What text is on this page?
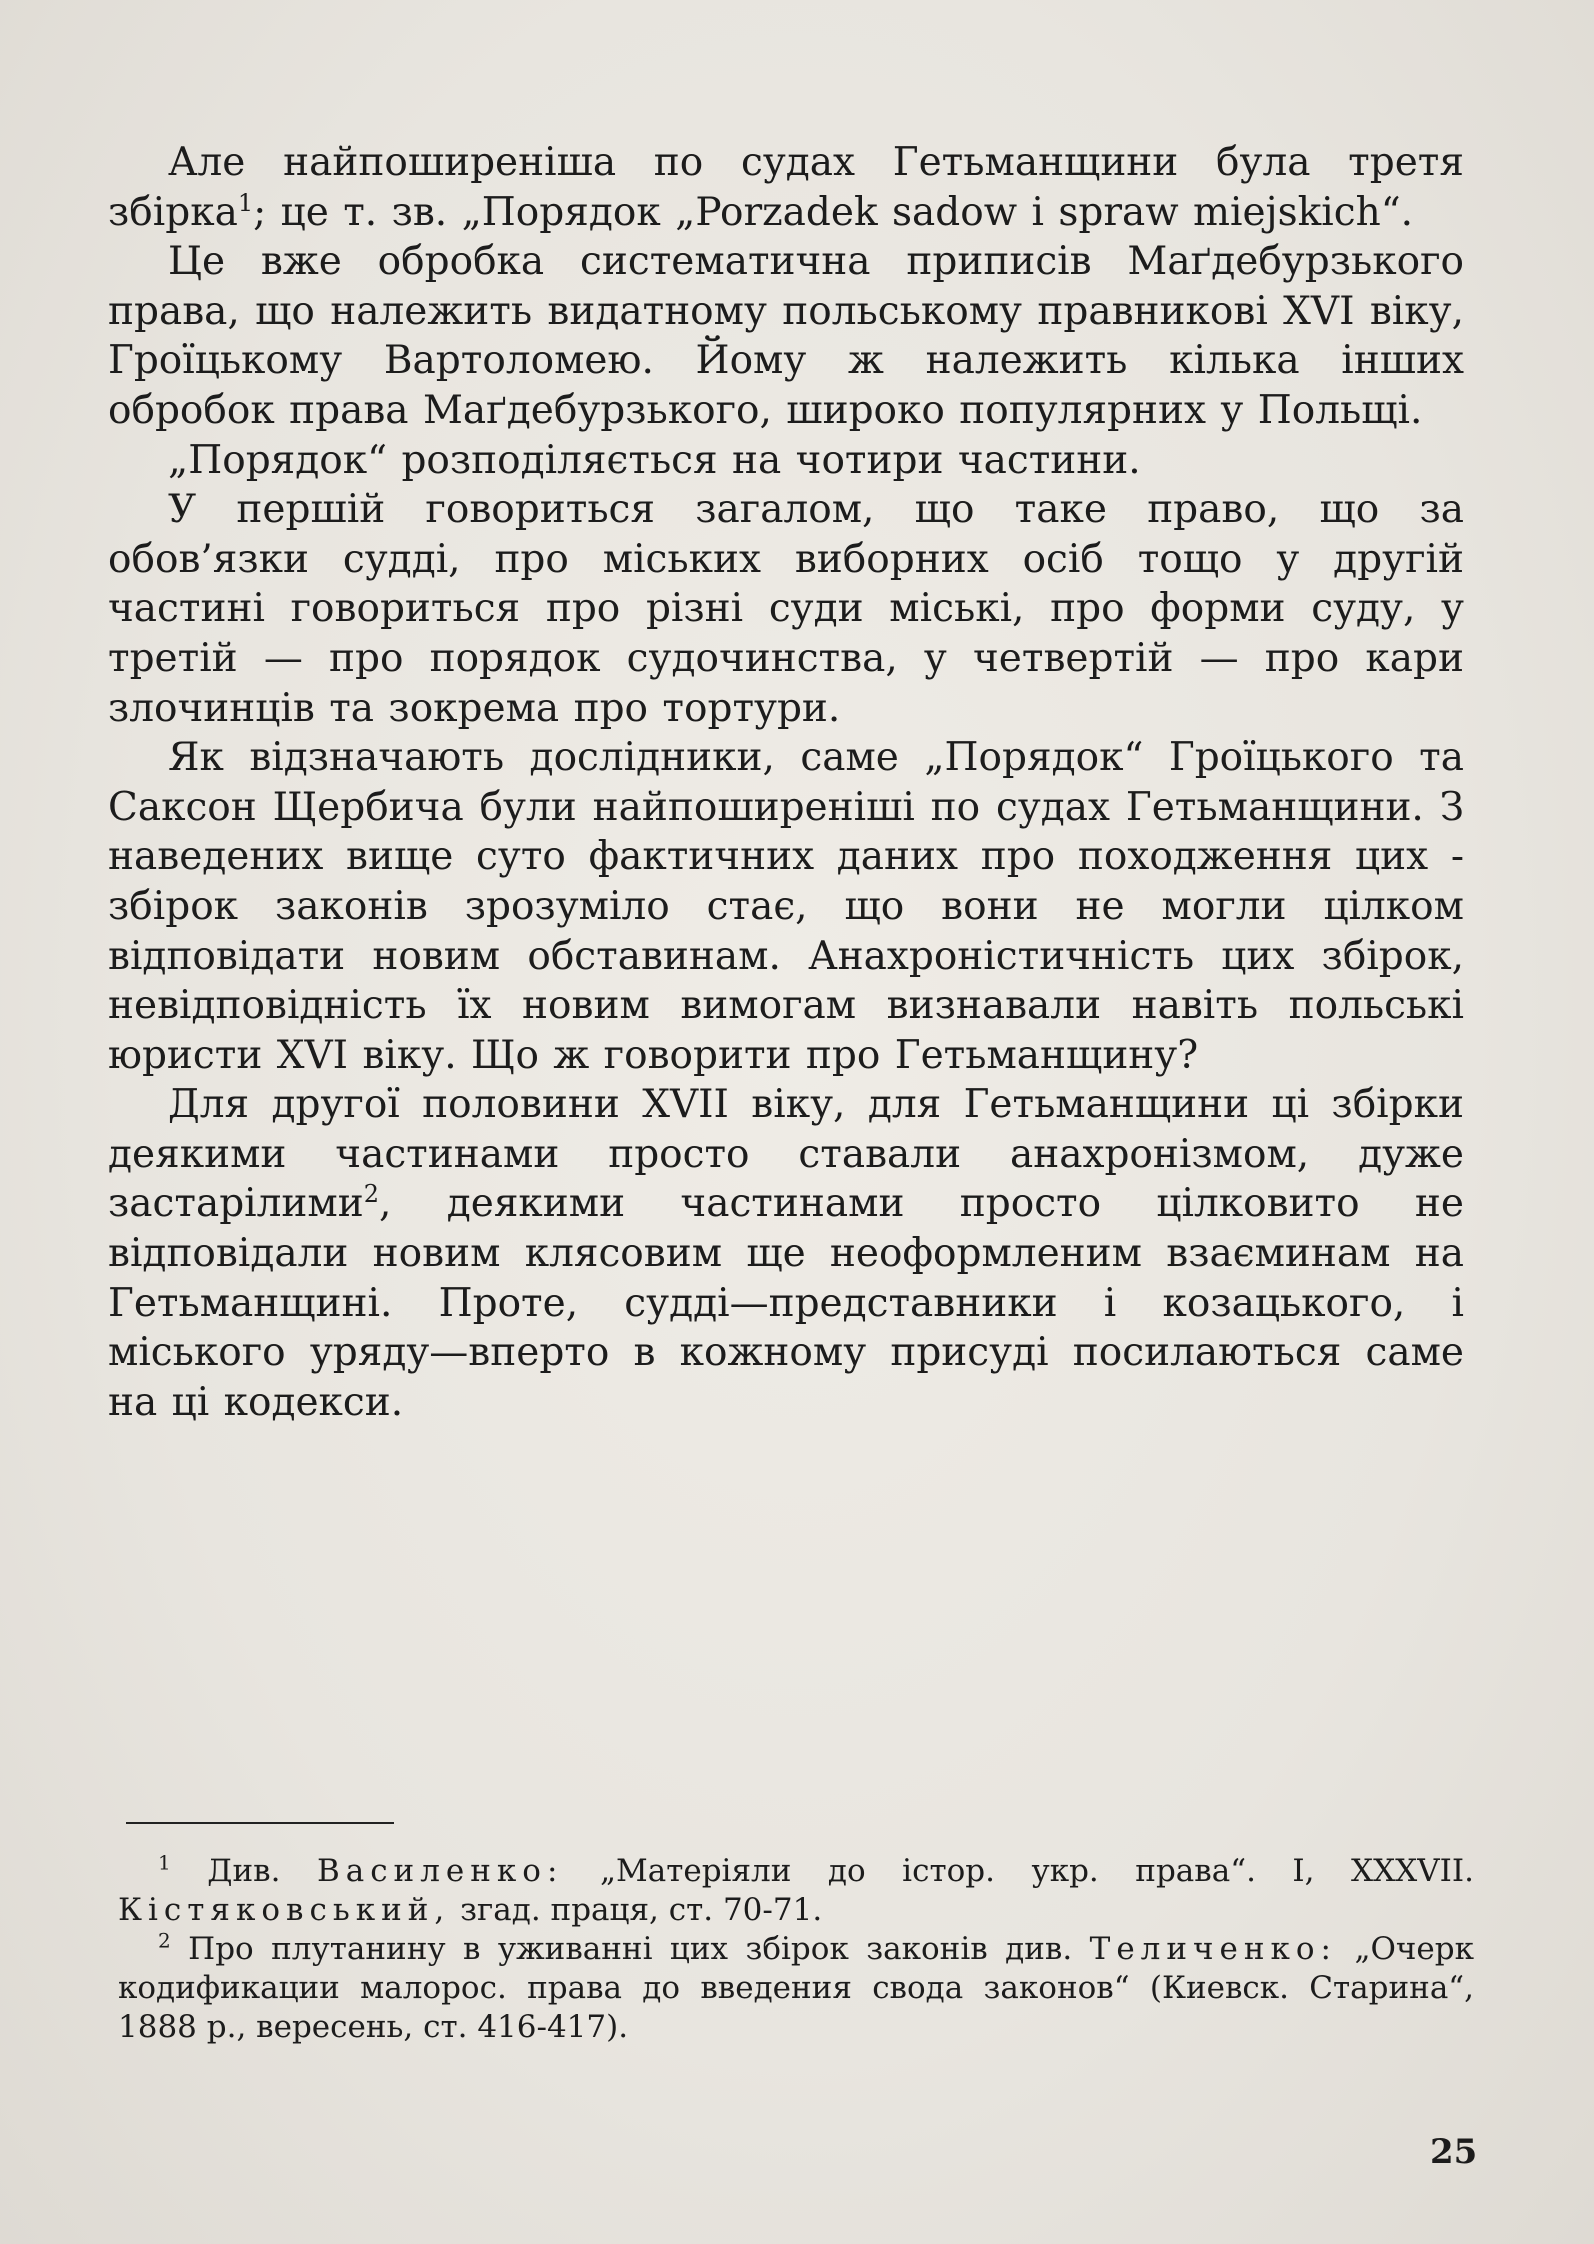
Але найпоширеніша по судах Гетьманщини була третя збірка$^1$; це т. зв. „Порядок „Porzadek sadow i spraw miejskich“.

Це вже обробка систематична приписів Маґдебурзького права, що належить видатному польському правникові XVI віку, Гроїцькому Вартоломею. Йому ж належить кілька інших обробок права Маґдебурзького, широко популярних у Польщі.

„Порядок“ розподіляється на чотири частини.

У першій говориться загалом, що таке право, що за обов’язки судді, про міських виборних осіб тощо у другій частині говориться про різні суди міські, про форми суду, у третій — про порядок судочинства, у четвертій — про кари злочинців та зокрема про тортури.

Як відзначають дослідники, саме „Порядок“ Гроїцького та Саксон Щербича були найпоширеніші по судах Гетьманщини. З наведених вище суто фактичних даних про походження цих - збірок законів зрозуміло стає, що вони не могли цілком відповідати новим обставинам. Анахроністичність цих збірок, невідповідність їх новим вимогам визнавали навіть польські юристи XVI віку. Що ж говорити про Гетьманщину?

Для другої половини XVII віку, для Гетьманщини ці збірки деякими частинами просто ставали анахронізмом, дуже застарілими$^2$, деякими частинами просто цілковито не відповідали новим клясовим ще неоформленим взаєминам на Гетьманщині. Проте, судді—представники і козацького, і міського уряду—вперто в кожному присуді посилаються саме на ці кодекси.

$^1$ Див. Василенко: „Матеріяли до істор. укр. права“. I, XXXVII. Кістяковський, згад. праця, ст. 70-71.

$^2$ Про плутанину в уживанні цих збірок законів див. Теличенко: „Очерк кодификации малорос. права до введения свода законов“ (Киевск. Старина“, 1888 р., вересень, ст. 416-417).

25
